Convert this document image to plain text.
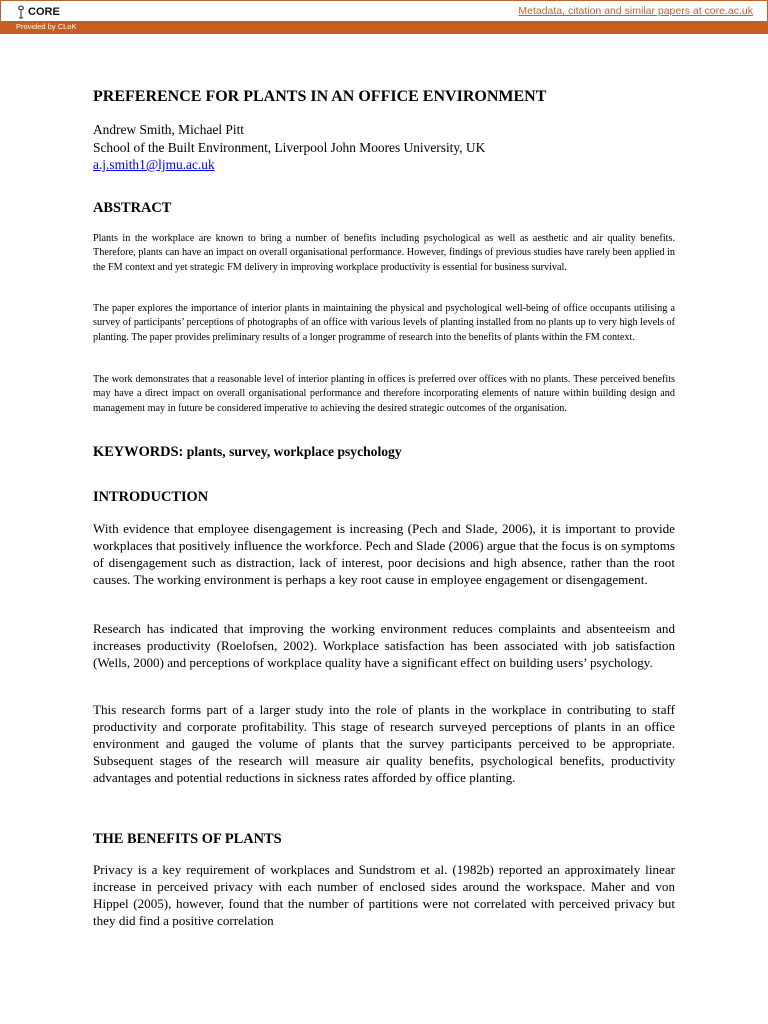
CORE	Metadata, citation and similar papers at core.ac.uk
Provided by CLoK
PREFERENCE FOR PLANTS IN AN OFFICE ENVIRONMENT
Andrew Smith, Michael Pitt
School of the Built Environment, Liverpool John Moores University, UK
a.j.smith1@ljmu.ac.uk
ABSTRACT

Plants in the workplace are known to bring a number of benefits including psychological as well as aesthetic and air quality benefits. Therefore, plants can have an impact on overall organisational performance. However, findings of previous studies have rarely been applied in the FM context and yet strategic FM delivery in improving workplace productivity is essential for business survival.

The paper explores the importance of interior plants in maintaining the physical and psychological well-being of office occupants utilising a survey of participants’ perceptions of photographs of an office with various levels of planting installed from no plants up to very high levels of planting. The paper provides preliminary results of a longer programme of research into the benefits of plants within the FM context.

The work demonstrates that a reasonable level of interior planting in offices is preferred over offices with no plants. These perceived benefits may have a direct impact on overall organisational performance and therefore incorporating elements of nature within building design and management may in future be considered imperative to achieving the desired strategic outcomes of the organisation.

KEYWORDS: plants, survey, workplace psychology
INTRODUCTION

With evidence that employee disengagement is increasing (Pech and Slade, 2006), it is important to provide workplaces that positively influence the workforce. Pech and Slade (2006) argue that the focus is on symptoms of disengagement such as distraction, lack of interest, poor decisions and high absence, rather than the root causes. The working environment is perhaps a key root cause in employee engagement or disengagement.

Research has indicated that improving the working environment reduces complaints and absenteeism and increases productivity (Roelofsen, 2002). Workplace satisfaction has been associated with job satisfaction (Wells, 2000) and perceptions of workplace quality have a significant effect on building users’ psychology.

This research forms part of a larger study into the role of plants in the workplace in contributing to staff productivity and corporate profitability. This stage of research surveyed perceptions of plants in an office environment and gauged the volume of plants that the survey participants perceived to be appropriate. Subsequent stages of the research will measure air quality benefits, psychological benefits, productivity advantages and potential reductions in sickness rates afforded by office planting.

THE BENEFITS OF PLANTS

Privacy is a key requirement of workplaces and Sundstrom et al. (1982b) reported an approximately linear increase in perceived privacy with each number of enclosed sides around the workspace. Maher and von Hippel (2005), however, found that the number of partitions were not correlated with perceived privacy but they did find a positive correlation
